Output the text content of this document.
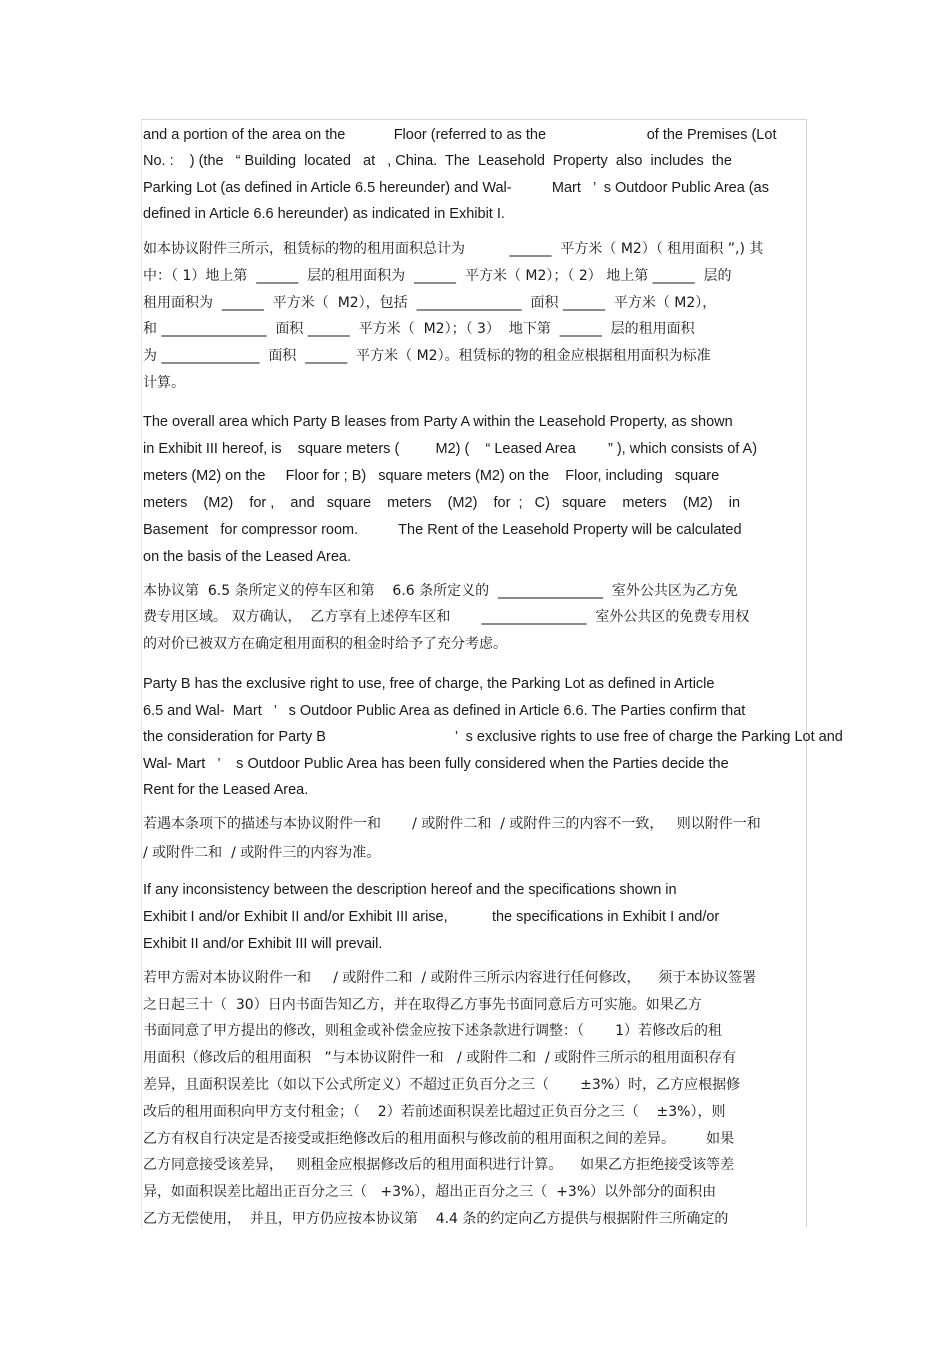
and a portion of the area on the            Floor (referred to as the                         of the Premises (Lot
No. :    ) (the   “ Building  located   at   , China.  The  Leasehold  Property  also  includes  the
Parking Lot (as defined in Article 6.5 hereunder) and Wal-          Mart   ’  s Outdoor Public Area (as
defined in Article 6.6 hereunder) as indicated in Exhibit I.
如本协议附件三所示，租赁标的物的租用面积总计为          ______  平方米（ M2）（ 租用面积 ”,) 其
中：（ 1）地上第  ______  层的租用面积为  ______  平方米（ M2）；（ 2） 地上第 ______  层的
租用面积为  ______  平方米（  M2），包括  _______________  面积 ______  平方米（ M2），
和 _______________  面积 ______  平方米（  M2）；（ 3）  地下第  ______  层的租用面积
为 ______________  面积  ______  平方米（ M2）。租赁标的物的租金应根据租用面积为标准
计算。
The overall area which Party B leases from Party A within the Leasehold Property, as shown
in Exhibit III hereof, is    square meters (         M2) (    “ Leased Area        ” ), which consists of A)
meters (M2) on the     Floor for ; B)   square meters (M2) on the    Floor, including   square
meters    (M2)    for ,    and   square    meters    (M2)    for  ;   C)   square    meters    (M2)    in
Basement   for compressor room.          The Rent of the Leasehold Property will be calculated
on the basis of the Leased Area.
本协议第  6.5 条所定义的停车区和第    6.6 条所定义的  _______________  室外公共区为乙方免
费专用区域。 双方确认，  乙方享有上述停车区和       _______________  室外公共区的免费专用权
的对价已被双方在确定租用面积的租金时给予了充分考虑。
Party B has the exclusive right to use, free of charge, the Parking Lot as defined in Article
6.5 and Wal-  Mart   ’   s Outdoor Public Area as defined in Article 6.6. The Parties confirm that
the consideration for Party B                                ’  s exclusive rights to use free of charge the Parking Lot and
Wal- Mart   ’    s Outdoor Public Area has been fully considered when the Parties decide the
Rent for the Leased Area.
若遇本条项下的描述与本协议附件一和       / 或附件二和  / 或附件三的内容不一致，   则以附件一和
/ 或附件二和  / 或附件三的内容为准。
If any inconsistency between the description hereof and the specifications shown in
Exhibit I and/or Exhibit II and/or Exhibit III arise,           the specifications in Exhibit I and/or
Exhibit II and/or Exhibit III will prevail.
若甲方需对本协议附件一和     / 或附件二和  / 或附件三所示内容进行任何修改，    须于本协议签署
之日起三十（  30）日内书面告知乙方，并在取得乙方事先书面同意后方可实施。如果乙方
书面同意了甲方提出的修改，则租金或补偿金应按下述条款进行调整：（       1）若修改后的租
用面积（修改后的租用面积   ”与本协议附件一和   / 或附件二和  / 或附件三所示的租用面积存有
差异，且面积误差比（如以下公式所定义）不超过正负百分之三（       ±3%）时，乙方应根据修
改后的租用面积向甲方支付租金；（    2）若前述面积误差比超过正负百分之三（    ±3%），则
乙方有权自行决定是否接受或拒绝修改后的租用面积与修改前的租用面积之间的差异。       如果
乙方同意接受该差异，   则租金应根据修改后的租用面积进行计算。    如果乙方拒绝接受该等差
异，如面积误差比超出正百分之三（   +3%），超出正百分之三（  +3%）以外部分的面积由
乙方无偿使用，  并且，甲方仍应按本协议第    4.4 条的约定向乙方提供与根据附件三所确定的
